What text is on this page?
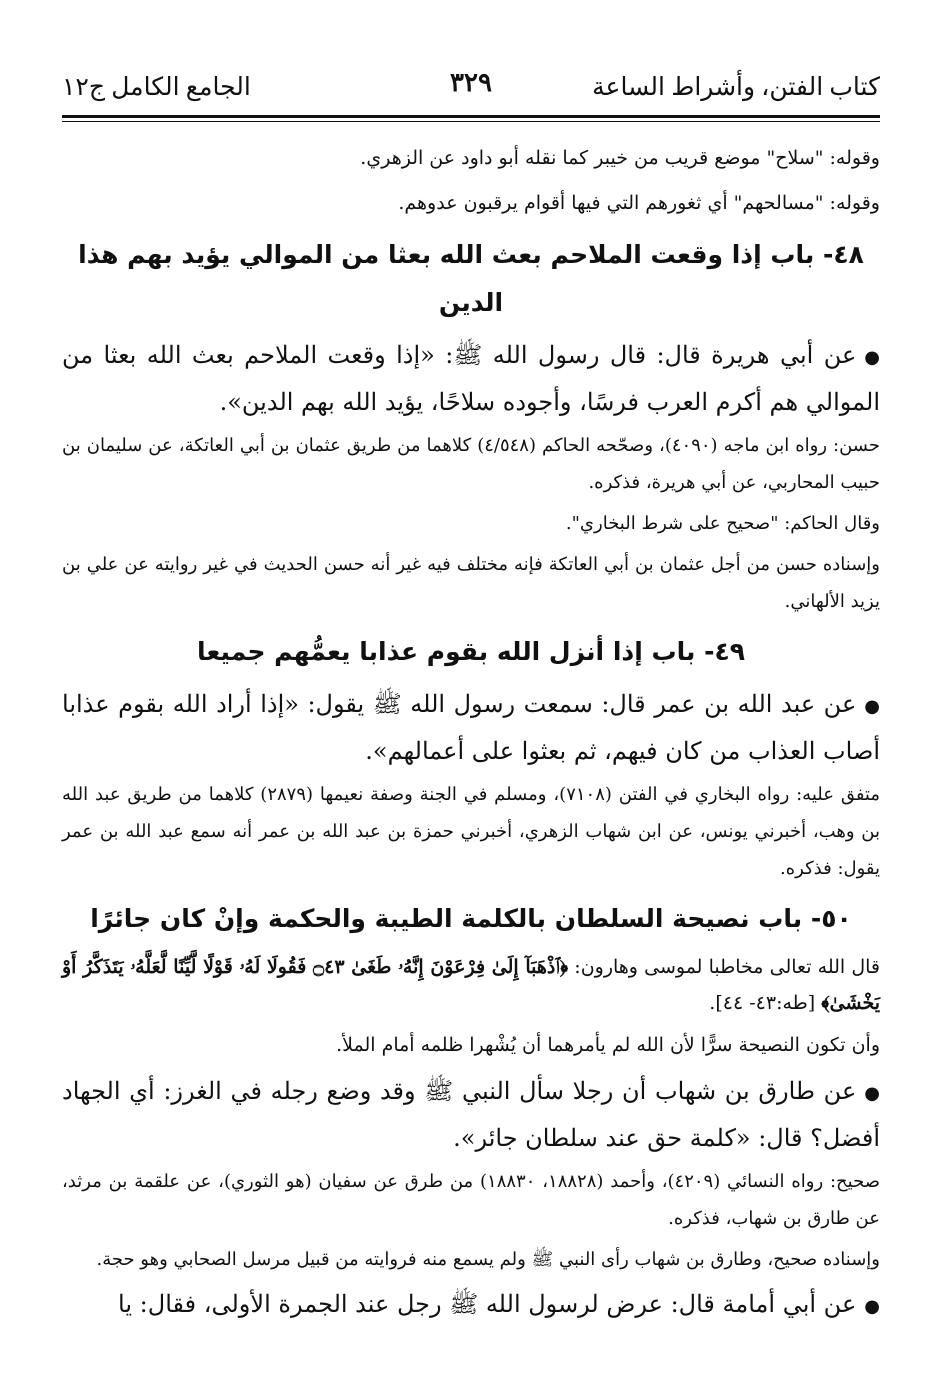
كتاب الفتن، وأشراط الساعة
٣٢٩
الجامع الكامل ج١٢

وقوله: "سلاح" موضع قريب من خيبر كما نقله أبو داود عن الزهري.

وقوله: "مسالحهم" أي ثغورهم التي فيها أقوام يرقبون عدوهم.

٤٨- باب إذا وقعت الملاحم بعث الله بعثا من الموالي يؤيد بهم هذا الدين

●عن أبي هريرة قال: قال رسول الله ﷺ: «إذا وقعت الملاحم بعث الله بعثا من الموالي هم أكرم العرب فرسًا، وأجوده سلاحًا، يؤيد الله بهم الدين».

حسن: رواه ابن ماجه (٤٠٩٠)، وصحّحه الحاكم (٤/٥٤٨) كلاهما من طريق عثمان بن أبي العاتكة، عن سليمان بن حبيب المحاربي، عن أبي هريرة، فذكره.

وقال الحاكم: "صحيح على شرط البخاري".

وإسناده حسن من أجل عثمان بن أبي العاتكة فإنه مختلف فيه غير أنه حسن الحديث في غير روايته عن علي بن يزيد الألهاني.

٤٩- باب إذا أنزل الله بقوم عذابا يعمُّهم جميعا

●عن عبد الله بن عمر قال: سمعت رسول الله ﷺ يقول: «إذا أراد الله بقوم عذابا أصاب العذاب من كان فيهم، ثم بعثوا على أعمالهم».

متفق عليه: رواه البخاري في الفتن (٧١٠٨)، ومسلم في الجنة وصفة نعيمها (٢٨٧٩) كلاهما من طريق عبد الله بن وهب، أخبرني يونس، عن ابن شهاب الزهري، أخبرني حمزة بن عبد الله بن عمر أنه سمع عبد الله بن عمر يقول: فذكره.

٥٠- باب نصيحة السلطان بالكلمة الطيبة والحكمة وإنْ كان جائرًا

قال الله تعالى مخاطبا لموسى وهارون: ﴿ٱذْهَبَآ إِلَىٰ فِرْعَوْنَ إِنَّهُۥ طَغَىٰ ۝٤٣ فَقُولَا لَهُۥ قَوْلًا لَّيِّنًا لَّعَلَّهُۥ يَتَذَكَّرُ أَوْ يَخْشَىٰ﴾ [طه:٤٣- ٤٤].

وأن تكون النصيحة سرًّا لأن الله لم يأمرهما أن يُشْهرا ظلمه أمام الملأ.

●عن طارق بن شهاب أن رجلا سأل النبي ﷺ وقد وضع رجله في الغرز: أي الجهاد أفضل؟ قال: «كلمة حق عند سلطان جائر».

صحيح: رواه النسائي (٤٢٠٩)، وأحمد (١٨٨٢٨، ١٨٨٣٠) من طرق عن سفيان (هو الثوري)، عن علقمة بن مرثد، عن طارق بن شهاب، فذكره.

وإسناده صحيح، وطارق بن شهاب رأى النبي ﷺ ولم يسمع منه فروايته من قبيل مرسل الصحابي وهو حجة.

●عن أبي أمامة قال: عرض لرسول الله ﷺ رجل عند الجمرة الأولى، فقال: يا
